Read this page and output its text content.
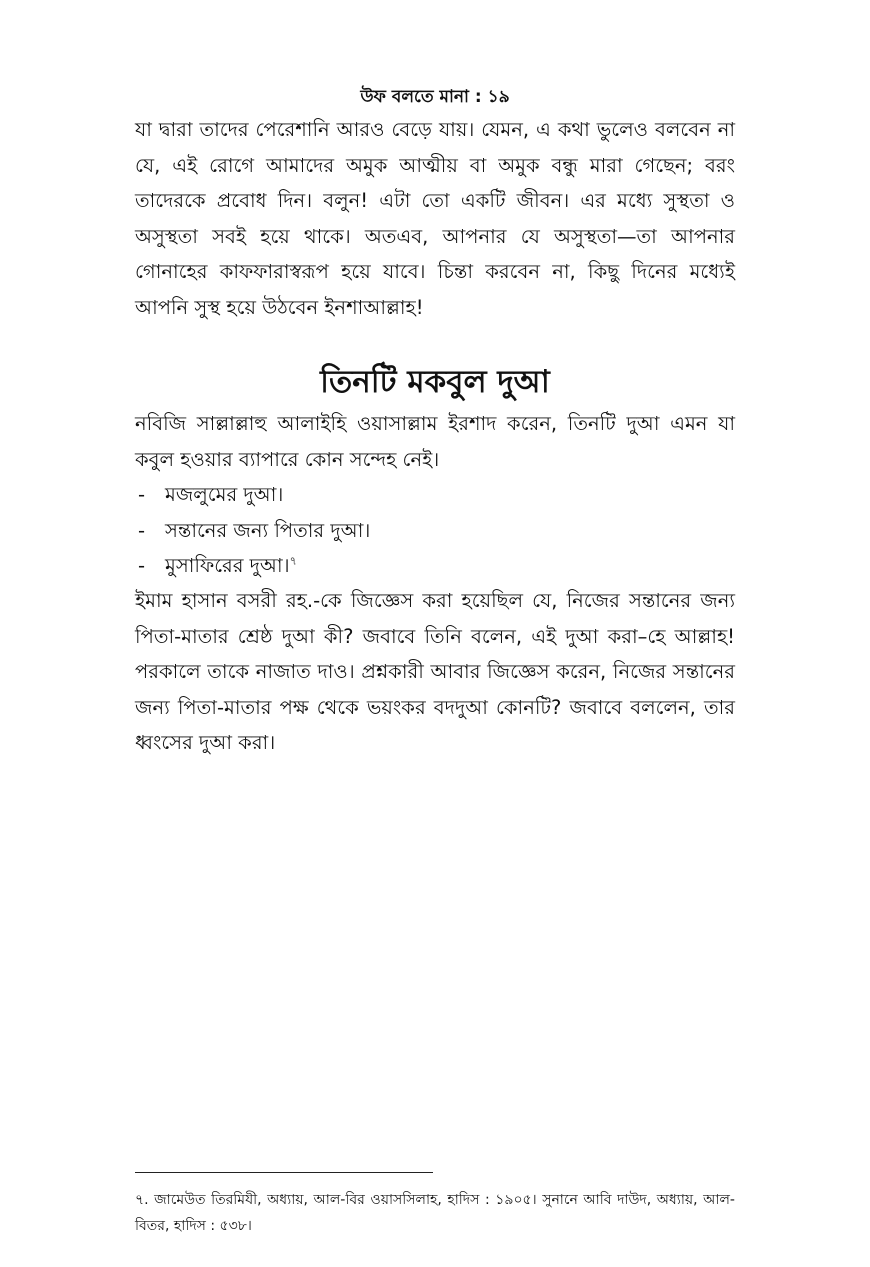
উফ বলতে মানা : ১৯

যা দ্বারা তাদের পেরেশানি আরও বেড়ে যায়। যেমন, এ কথা ভুলেও বলবেন না যে, এই রোগে আমাদের অমুক আত্মীয় বা অমুক বন্ধু মারা গেছেন; বরং তাদেরকে প্রবোধ দিন। বলুন! এটা তো একটি জীবন। এর মধ্যে সুস্থতা ও অসুস্থতা সবই হয়ে থাকে। অতএব, আপনার যে অসুস্থতা—তা আপনার গোনাহের কাফফারাস্বরূপ হয়ে যাবে। চিন্তা করবেন না, কিছু দিনের মধ্যেই আপনি সুস্থ হয়ে উঠবেন ইনশাআল্লাহ!

তিনটি মকবুল দুআ

নবিজি সাল্লাল্লাহু আলাইহি ওয়াসাল্লাম ইরশাদ করেন, তিনটি দুআ এমন যা কবুল হওয়ার ব্যাপারে কোন সন্দেহ নেই।

- মজলুমের দুআ।
- সন্তানের জন্য পিতার দুআ।
- মুসাফিরের দুআ।$^৭$

ইমাম হাসান বসরী রহ.-কে জিজ্ঞেস করা হয়েছিল যে, নিজের সন্তানের জন্য পিতা-মাতার শ্রেষ্ঠ দুআ কী? জবাবে তিনি বলেন, এই দুআ করা–হে আল্লাহ! পরকালে তাকে নাজাত দাও। প্রশ্নকারী আবার জিজ্ঞেস করেন, নিজের সন্তানের জন্য পিতা-মাতার পক্ষ থেকে ভয়ংকর বদদুআ কোনটি? জবাবে বললেন, তার ধ্বংসের দুআ করা।

৭. জামেউত তিরমিযী, অধ্যায়, আল-বির ওয়াসসিলাহ, হাদিস : ১৯০৫। সুনানে আবি দাউদ, অধ্যায়, আল-বিতর, হাদিস : ৫৩৮।
